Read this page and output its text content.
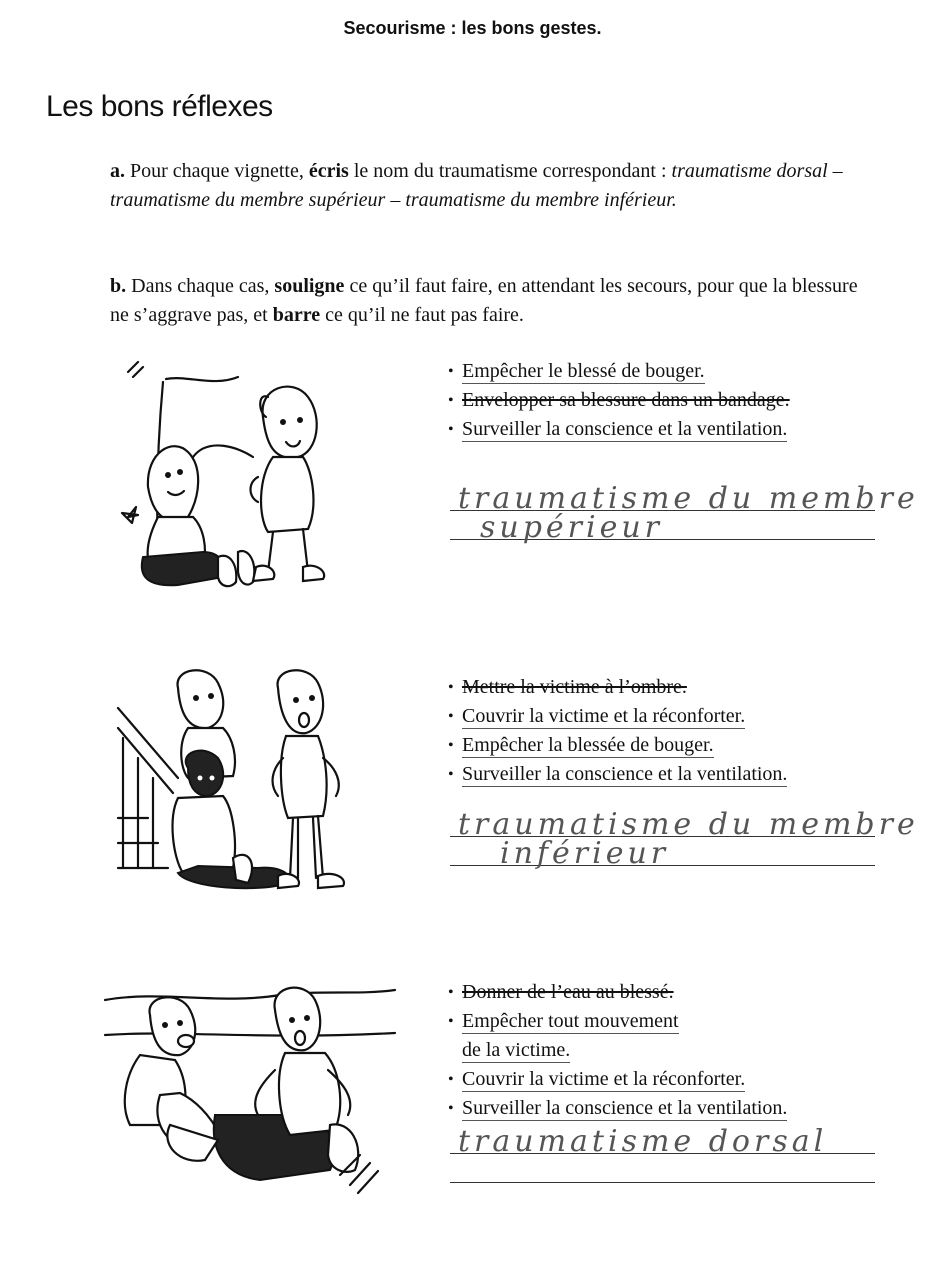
Secourisme : les bons gestes.
Les bons réflexes
a. Pour chaque vignette, écris le nom du traumatisme correspondant : traumatisme dorsal – traumatisme du membre supérieur – traumatisme du membre inférieur.
b. Dans chaque cas, souligne ce qu’il faut faire, en attendant les secours, pour que la blessure ne s’aggrave pas, et barre ce qu’il ne faut pas faire.
• Empêcher le blessé de bouger.
• Envelopper sa blessure dans un bandage.
• Surveiller la conscience et la ventilation.
traumatisme du membre
supérieur
• Mettre la victime à l’ombre.
• Couvrir la victime et la réconforter.
• Empêcher la blessée de bouger.
• Surveiller la conscience et la ventilation.
traumatisme du membre
inférieur
• Donner de l’eau au blessé.
• Empêcher tout mouvement
de la victime.
• Couvrir la victime et la réconforter.
• Surveiller la conscience et la ventilation.
traumatisme dorsal
